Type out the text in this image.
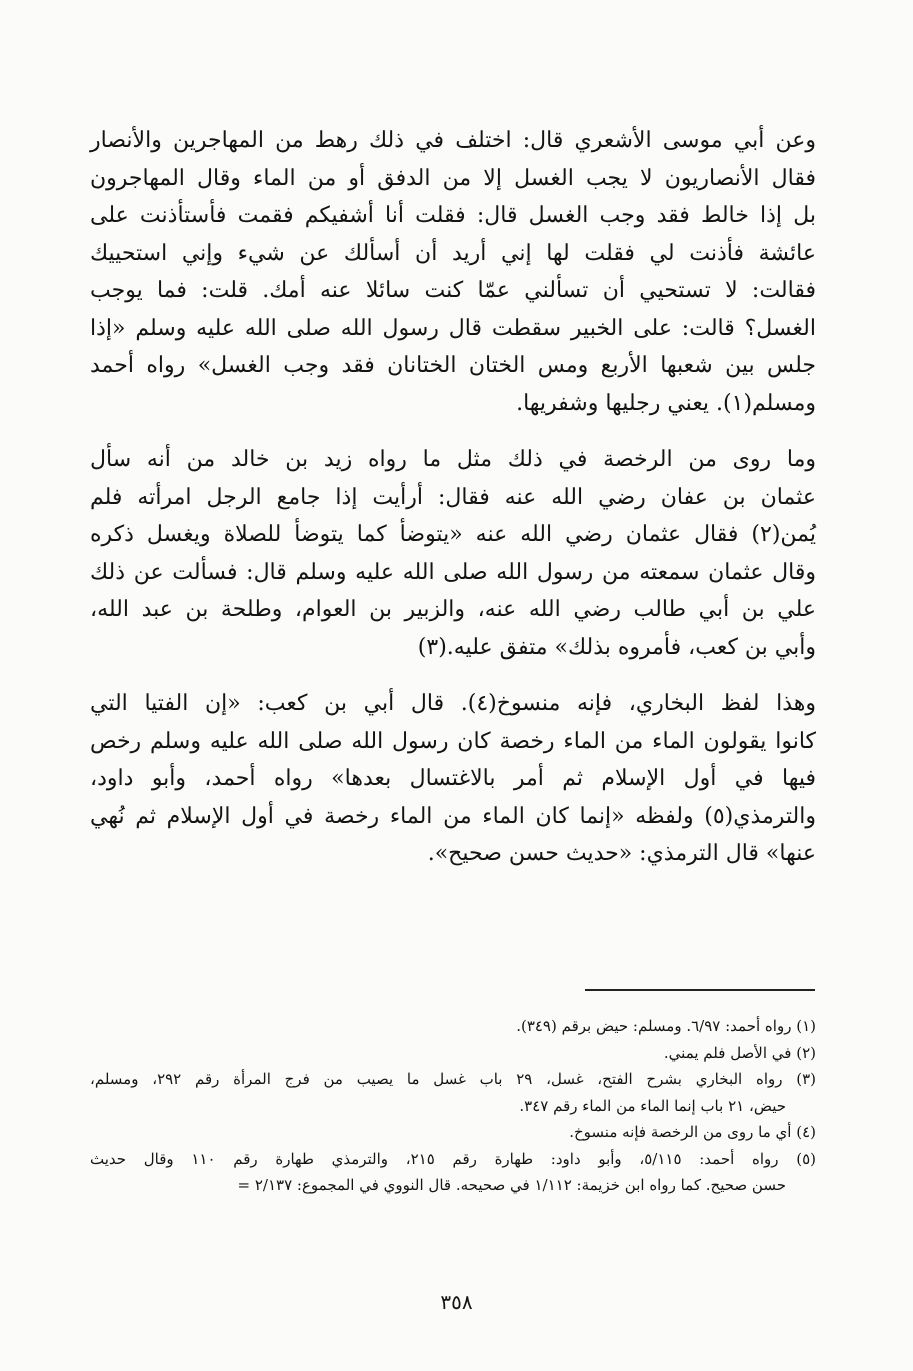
وعن أبي موسى الأشعري قال: اختلف في ذلك رهط من المهاجرين والأنصار
فقال الأنصاريون لا يجب الغسل إلا من الدفق أو من الماء وقال المهاجرون
بل إذا خالط فقد وجب الغسل قال: فقلت أنا أشفيكم فقمت فأستأذنت على
عائشة فأذنت لي فقلت لها إني أريد أن أسألك عن شيء وإني استحييك
فقالت: لا تستحيي أن تسألني عمّا كنت سائلا عنه أمك. قلت: فما يوجب
الغسل؟ قالت: على الخبير سقطت قال رسول الله صلى الله عليه وسلم «إذا
جلس بين شعبها الأربع ومس الختان الختانان فقد وجب الغسل» رواه أحمد
ومسلم(١). يعني رجليها وشفريها.

وما روى من الرخصة في ذلك مثل ما رواه زيد بن خالد من أنه سأل
عثمان بن عفان رضي الله عنه فقال: أرأيت إذا جامع الرجل امرأته فلم
يُمن(٢) فقال عثمان رضي الله عنه «يتوضأ كما يتوضأ للصلاة ويغسل ذكره
وقال عثمان سمعته من رسول الله صلى الله عليه وسلم قال: فسألت عن ذلك
علي بن أبي طالب رضي الله عنه، والزبير بن العوام، وطلحة بن عبد الله،
وأبي بن كعب، فأمروه بذلك» متفق عليه.(٣)

وهذا لفظ البخاري، فإنه منسوخ(٤). قال أبي بن كعب: «إن الفتيا التي
كانوا يقولون الماء من الماء رخصة كان رسول الله صلى الله عليه وسلم رخص
فيها في أول الإسلام ثم أمر بالاغتسال بعدها» رواه أحمد، وأبو داود،
والترمذي(٥) ولفظه «إنما كان الماء من الماء رخصة في أول الإسلام ثم نُهي
عنها» قال الترمذي: «حديث حسن صحيح».

(١) رواه أحمد: ٦/٩٧. ومسلم: حيض برقم (٣٤٩).
(٢) في الأصل فلم يمني.
(٣) رواه البخاري بشرح الفتح، غسل، ٢٩ باب غسل ما يصيب من فرج المرأة رقم ٢٩٢، ومسلم،
حيض، ٢١ باب إنما الماء من الماء رقم ٣٤٧.
(٤) أي ما روى من الرخصة فإنه منسوخ.
(٥) رواه أحمد: ٥/١١٥، وأبو داود: طهارة رقم ٢١٥، والترمذي طهارة رقم ١١٠ وقال حديث
حسن صحيح. كما رواه ابن خزيمة: ١/١١٢ في صحيحه. قال النووي في المجموع: ٢/١٣٧ =
٣٥٨
